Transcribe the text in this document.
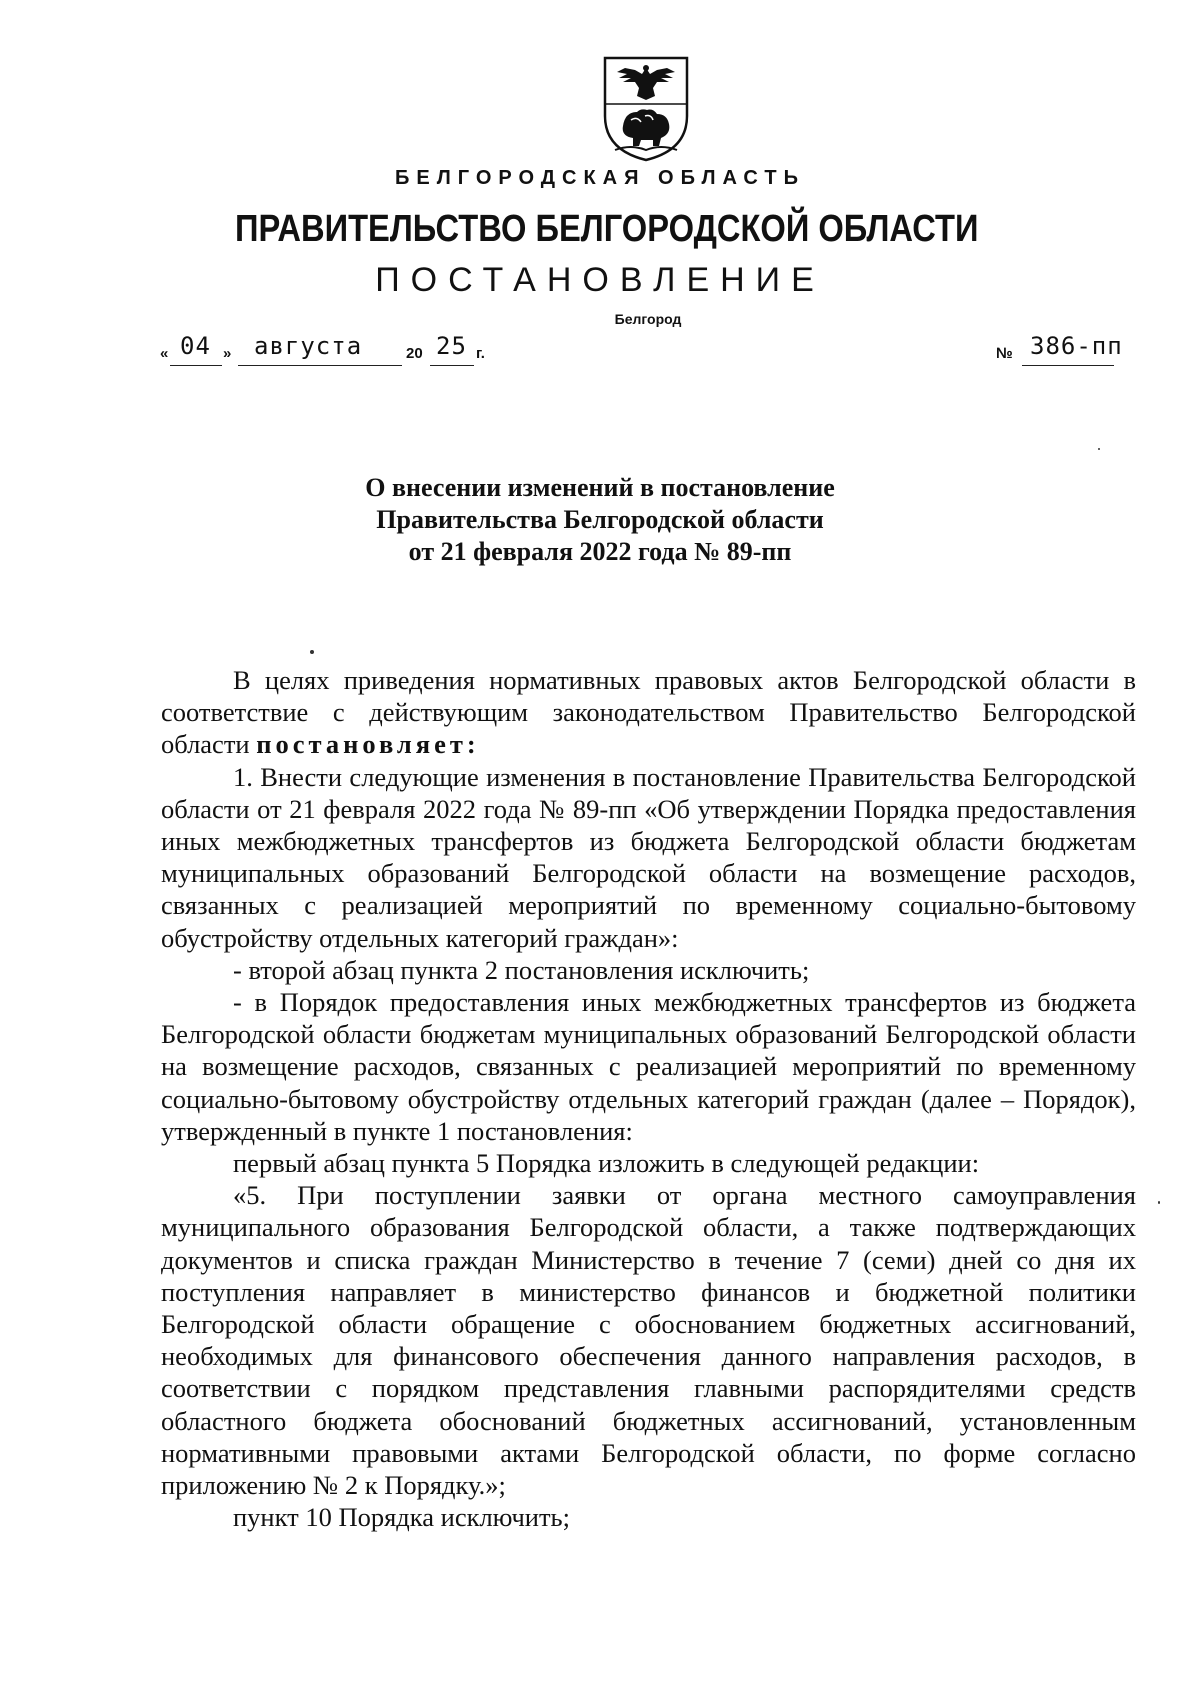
БЕЛГОРОДСКАЯ ОБЛАСТЬ
ПРАВИТЕЛЬСТВО БЕЛГОРОДСКОЙ ОБЛАСТИ
ПОСТАНОВЛЕНИЕ
Белгород
« 04 » августа	20 25 г.	№ 386-пп
О внесении изменений в постановление
Правительства Белгородской области
от 21 февраля 2022 года № 89-пп

В целях приведения нормативных правовых актов Белгородской области в соответствие с действующим законодательством Правительство Белгородской области постановляет:

1. Внести следующие изменения в постановление Правительства Белгородской области от 21 февраля 2022 года № 89-пп «Об утверждении Порядка предоставления иных межбюджетных трансфертов из бюджета Белгородской области бюджетам муниципальных образований Белгородской области на возмещение расходов, связанных с реализацией мероприятий по временному социально-бытовому обустройству отдельных категорий граждан»:

- второй абзац пункта 2 постановления исключить;

- в Порядок предоставления иных межбюджетных трансфертов из бюджета Белгородской области бюджетам муниципальных образований Белгородской области на возмещение расходов, связанных с реализацией мероприятий по временному социально-бытовому обустройству отдельных категорий граждан (далее – Порядок), утвержденный в пункте 1 постановления:

первый абзац пункта 5 Порядка изложить в следующей редакции:

«5. При поступлении заявки от органа местного самоуправления муниципального образования Белгородской области, а также подтверждающих документов и списка граждан Министерство в течение 7 (семи) дней со дня их поступления направляет в министерство финансов и бюджетной политики Белгородской области обращение с обоснованием бюджетных ассигнований, необходимых для финансового обеспечения данного направления расходов, в соответствии с порядком представления главными распорядителями средств областного бюджета обоснований бюджетных ассигнований, установленным нормативными правовыми актами Белгородской области, по форме согласно приложению № 2 к Порядку.»;

пункт 10 Порядка исключить;
